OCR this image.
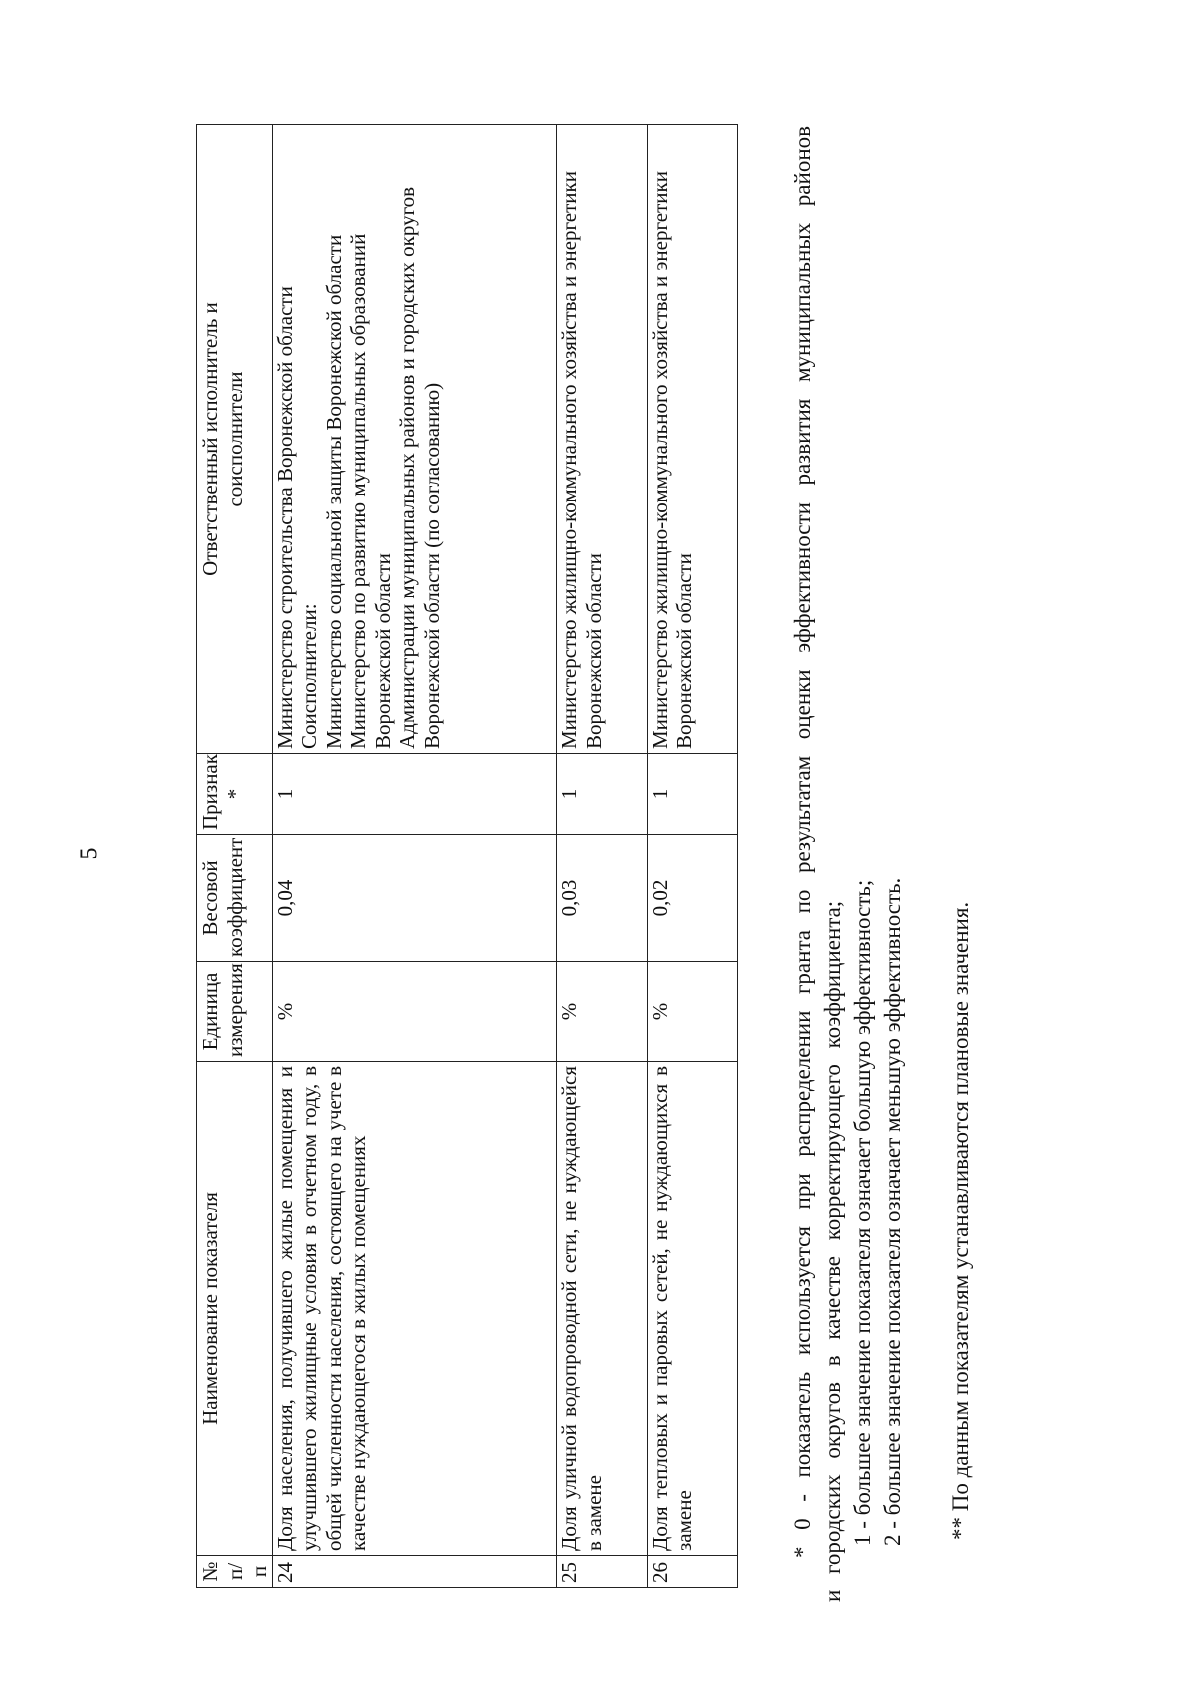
5
№ п/п	Наименование показателя	Единица измерения	Весовой коэффициент	Признак *	Ответственный исполнитель и соисполнители

24	Доля населения, получившего жилые помещения и улучшившего жилищные условия в отчетном году, в общей численности населения, состоящего на учете в качестве нуждающегося в жилых помещениях	%	0,04	1	Министерство строительства Воронежской области Соисполнители: Министерство социальной защиты Воронежской области Министерство по развитию муниципальных образований Воронежской области Администрации муниципальных районов и городских округов Воронежской области (по согласованию)

25	Доля уличной водопроводной сети, не нуждающейся в замене	%	0,03	1	Министерство жилищно-коммунального хозяйства и энергетики Воронежской области

26	Доля тепловых и паровых сетей, не нуждающихся в замене	%	0,02	1	Министерство жилищно-коммунального хозяйства и энергетики Воронежской области	* 0 - показатель используется при распределении гранта по результатам оценки эффективности развития муниципальных районов и городских округов в качестве корректирующего коэффициента; 1 - большее значение показателя означает большую эффективность; 2 - большее значение показателя означает меньшую эффективность. ** По данным показателям устанавливаются плановые значения.
